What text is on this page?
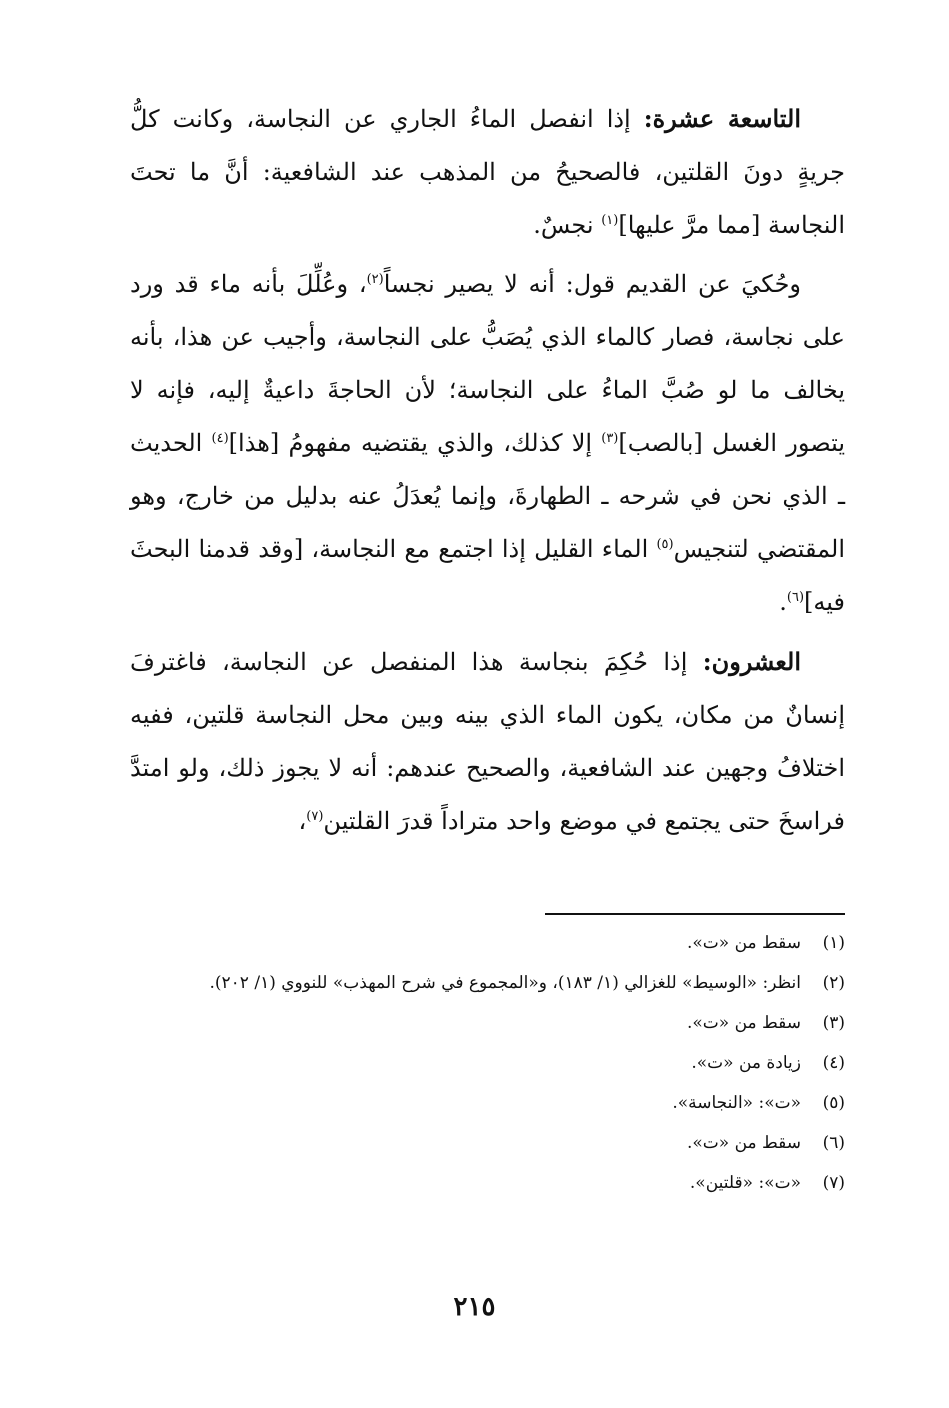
التاسعة عشرة: إذا انفصل الماءُ الجاري عن النجاسة، وكانت كلُّ جريةٍ دونَ القلتين، فالصحيحُ من المذهب عند الشافعية: أنَّ ما تحتَ النجاسة [مما مرَّ عليها]$^{(١)}$ نجسٌ.

وحُكيَ عن القديم قول: أنه لا يصير نجساً$^{(٢)}$، وعُلِّلَ بأنه ماء قد ورد على نجاسة، فصار كالماء الذي يُصَبُّ على النجاسة، وأجيب عن هذا، بأنه يخالف ما لو صُبَّ الماءُ على النجاسة؛ لأن الحاجةَ داعيةٌ إليه، فإنه لا يتصور الغسل [بالصب]$^{(٣)}$ إلا كذلك، والذي يقتضيه مفهومُ [هذا]$^{(٤)}$ الحديث ـ الذي نحن في شرحه ـ الطهارةَ، وإنما يُعدَلُ عنه بدليل من خارج، وهو المقتضي لتنجيس$^{(٥)}$ الماء القليل إذا اجتمع مع النجاسة، [وقد قدمنا البحثَ فيه]$^{(٦)}$.

العشرون: إذا حُكِمَ بنجاسة هذا المنفصل عن النجاسة، فاغترفَ إنسانٌ من مكان، يكون الماء الذي بينه وبين محل النجاسة قلتين، ففيه اختلافُ وجهين عند الشافعية، والصحيح عندهم: أنه لا يجوز ذلك، ولو امتدَّ فراسخَ حتى يجتمع في موضع واحد متراداً قدرَ القلتين$^{(٧)}$،

(١)
سقط من «ت».
(٢)
انظر: «الوسيط» للغزالي (١/ ١٨٣)، و«المجموع في شرح المهذب» للنووي (١/ ٢٠٢).
(٣)
سقط من «ت».
(٤)
زيادة من «ت».
(٥)
«ت»: «النجاسة».
(٦)
سقط من «ت».
(٧)
«ت»: «قلتين».
٢١٥
